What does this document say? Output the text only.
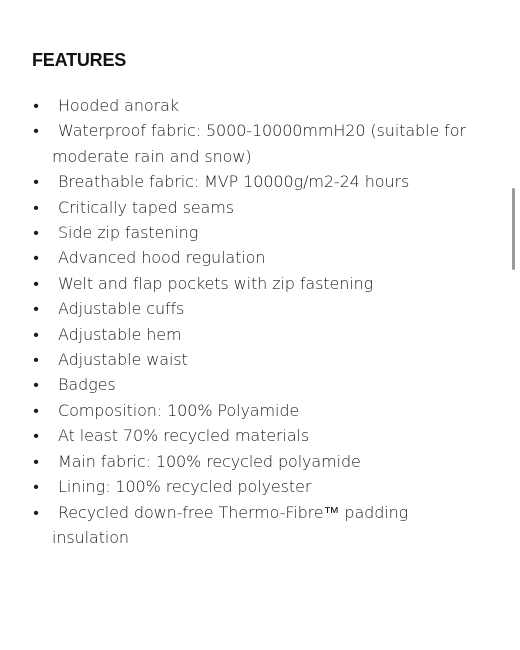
FEATURES
• Hooded anorak
• Waterproof fabric: 5000-10000mmH20 (suitable for
moderate rain and snow)
• Breathable fabric: MVP 10000g/m2-24 hours
• Critically taped seams
• Side zip fastening
• Advanced hood regulation
• Welt and flap pockets with zip fastening
• Adjustable cuffs
• Adjustable hem
• Adjustable waist
• Badges
• Composition: 100% Polyamide
• At least 70% recycled materials
• Main fabric: 100% recycled polyamide
• Lining: 100% recycled polyester
• Recycled down-free Thermo-Fibre™ padding
insulation
